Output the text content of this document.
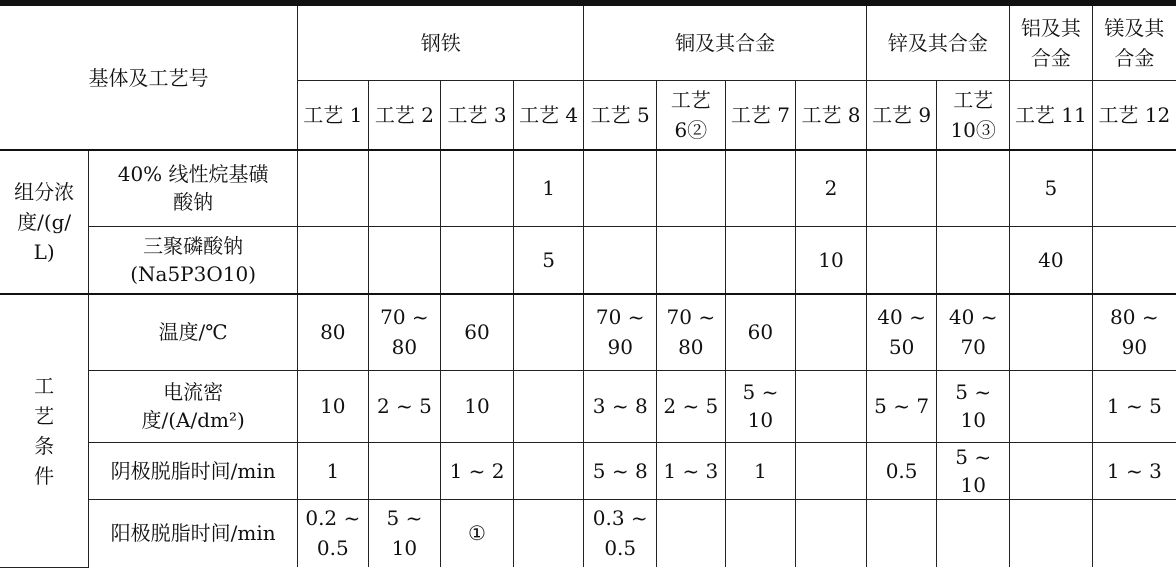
基体及工艺号		钢铁				铜及其合金				锌及其合金		铝及其合金	镁及其合金
		工艺 1	工艺 2	工艺 3	工艺 4	工艺 5	工艺 6②	工艺 7	工艺 8	工艺 9	工艺 10③	工艺 11	工艺 12
组分浓度/(g/L)	40% 线性烷基磺酸钠				1				2			5	
	三聚磷酸钠(Na5P3O10)				5				10			40	
工艺条件	温度/℃	80	70 ~ 80	60		70 ~ 90	70 ~ 80	60		40 ~ 50	40 ~ 70		80 ~ 90
	电流密度/(A/dm²)	10	2 ~ 5	10		3 ~ 8	2 ~ 5	5 ~ 10		5 ~ 7	5 ~ 10		1 ~ 5
	阴极脱脂时间/min	1		1 ~ 2		5 ~ 8	1 ~ 3	1		0.5	5 ~ 10		1 ~ 3
	阳极脱脂时间/min	0.2 ~ 0.5	5 ~ 10	①		0.3 ~ 0.5							
